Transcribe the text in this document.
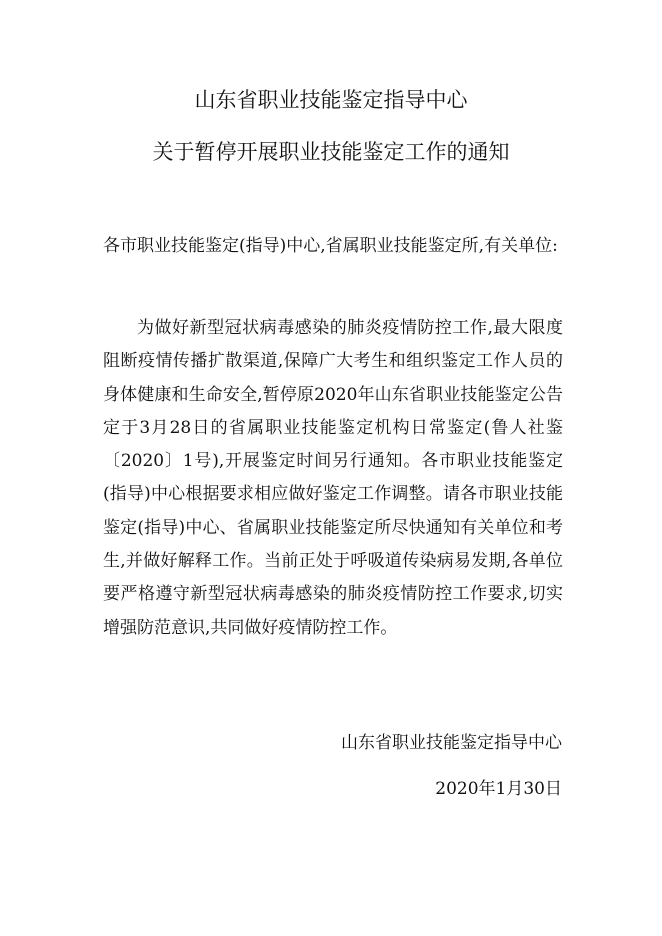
山东省职业技能鉴定指导中心
关于暂停开展职业技能鉴定工作的通知
各市职业技能鉴定(指导)中心,省属职业技能鉴定所,有关单位:

为做好新型冠状病毒感染的肺炎疫情防控工作,最大限度阻断疫情传播扩散渠道,保障广大考生和组织鉴定工作人员的身体健康和生命安全,暂停原2020年山东省职业技能鉴定公告定于3月28日的省属职业技能鉴定机构日常鉴定(鲁人社鉴〔2020〕1号),开展鉴定时间另行通知。各市职业技能鉴定(指导)中心根据要求相应做好鉴定工作调整。请各市职业技能鉴定(指导)中心、省属职业技能鉴定所尽快通知有关单位和考生,并做好解释工作。当前正处于呼吸道传染病易发期,各单位要严格遵守新型冠状病毒感染的肺炎疫情防控工作要求,切实增强防范意识,共同做好疫情防控工作。

山东省职业技能鉴定指导中心
2020年1月30日
